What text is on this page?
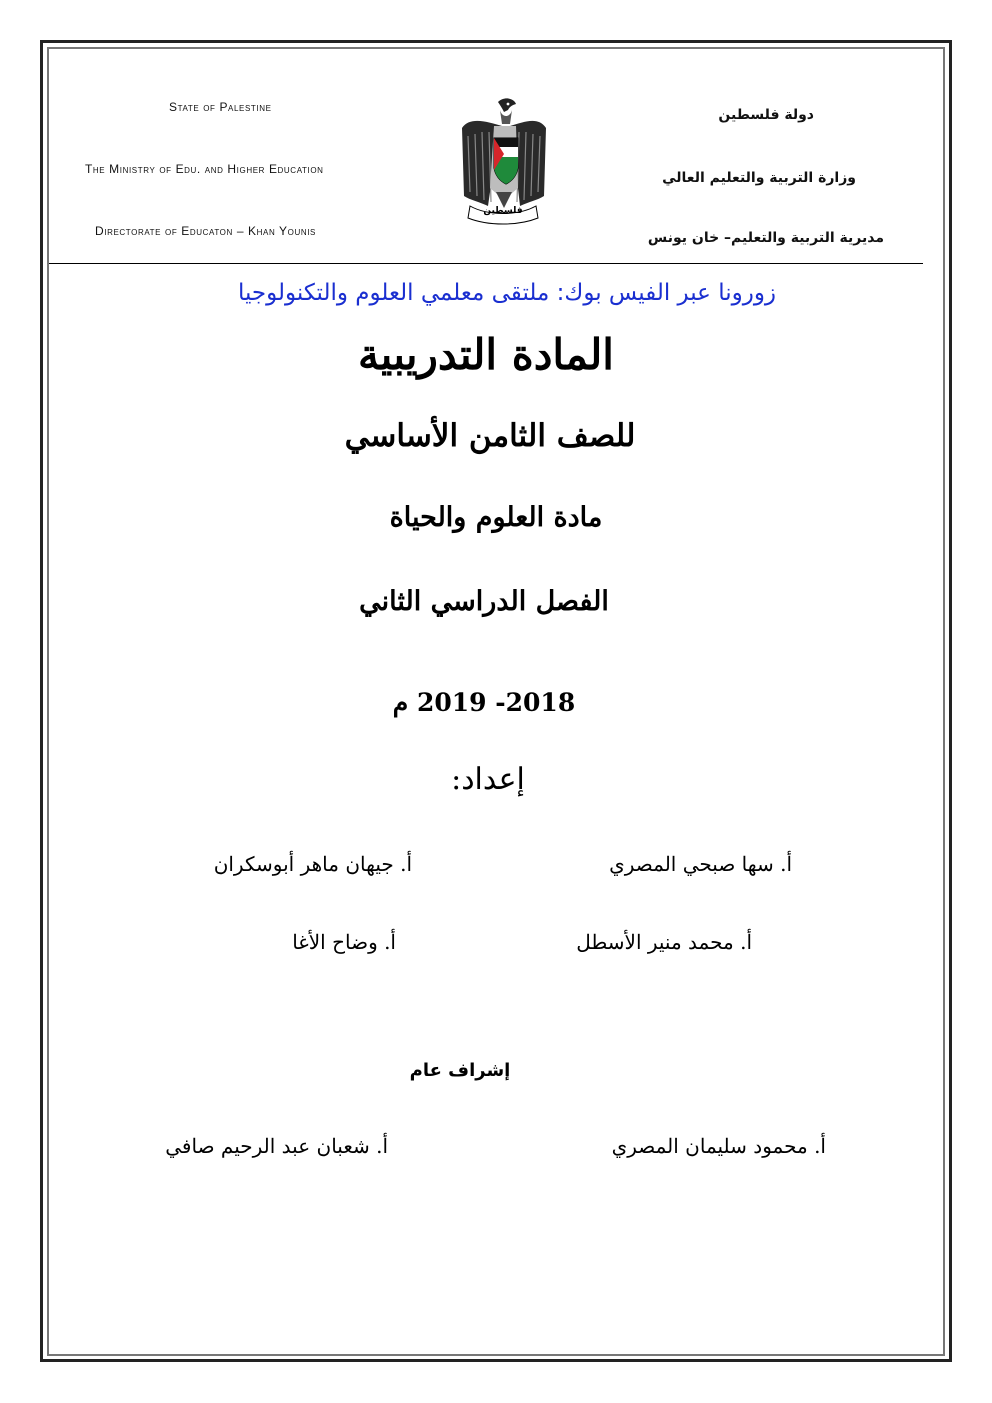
State of Palestine
The Ministry of Edu. and Higher Education
Directorate of Educaton – Khan Younis
فلسطين
دولة فلسطين
وزارة التربية والتعليم العالي
مديرية التربية والتعليم– خان يونس
زورونا عبر الفيس بوك: ملتقى معلمي العلوم والتكنولوجيا
المادة التدريبية
للصف الثامن الأساسي
مادة العلوم والحياة
الفصل الدراسي الثاني
2018- 2019 م
إعداد:
أ. سها صبحي المصري
أ. جيهان ماهر أبوسكران
أ. محمد منير الأسطل
أ. وضاح الأغا
إشراف عام
أ. محمود سليمان المصري
أ. شعبان عبد الرحيم صافي
